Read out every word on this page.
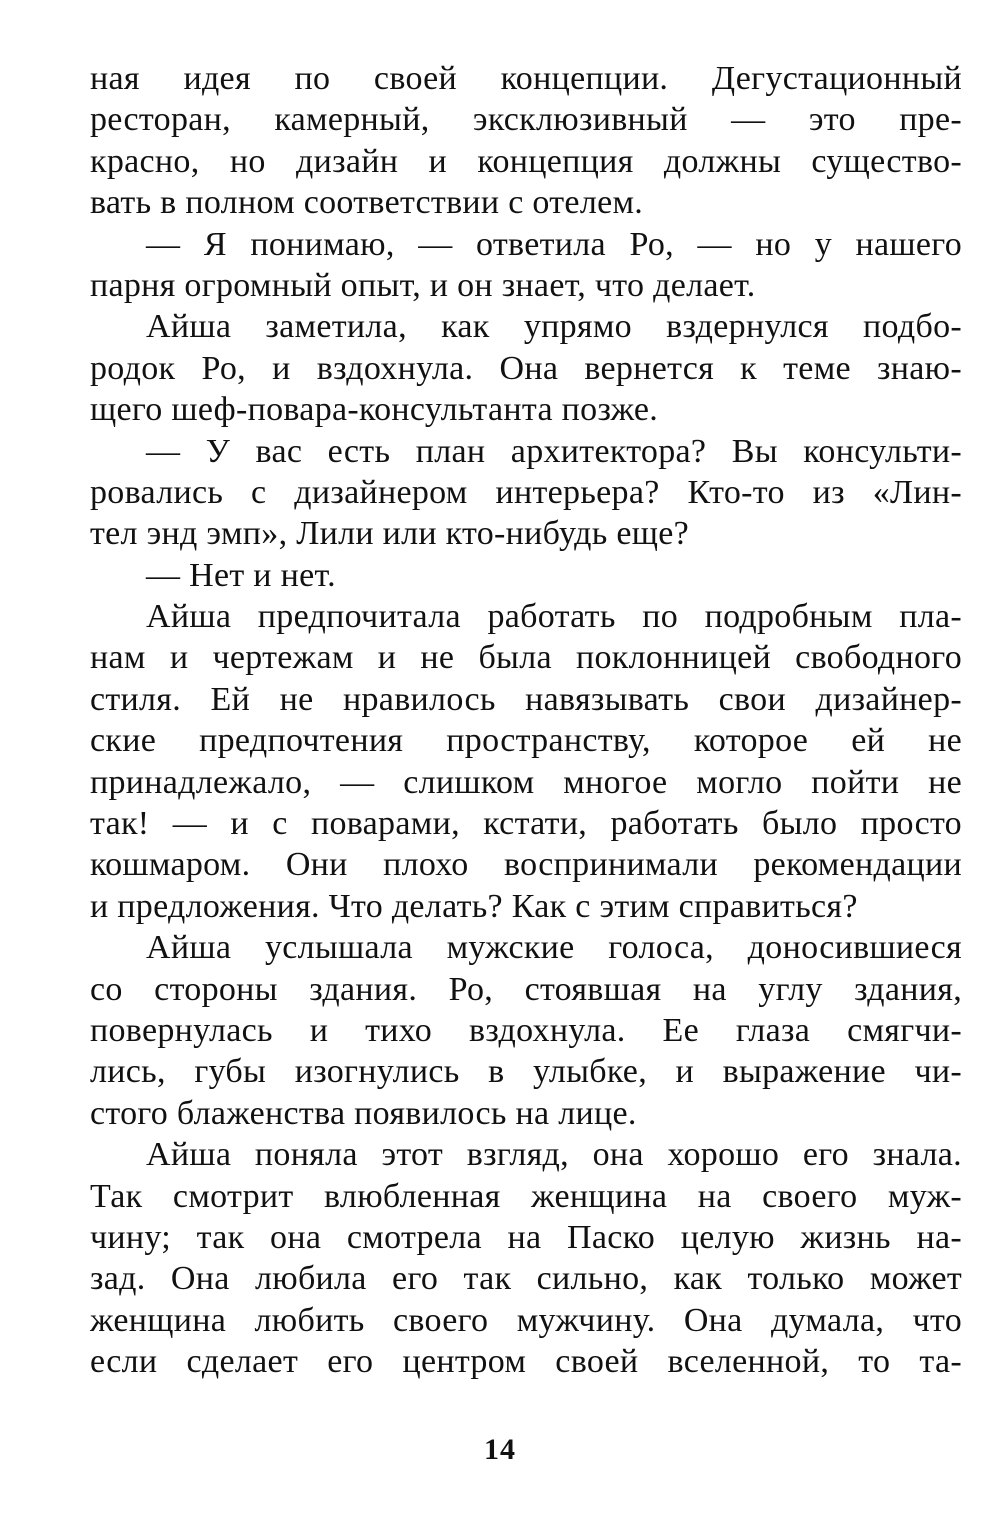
ная идея по своей концепции. Дегустационный
ресторан, камерный, эксклюзивный — это пре-
красно, но дизайн и концепция должны существо-
вать в полном соответствии с отелем.
— Я понимаю, — ответила Ро, — но у нашего
парня огромный опыт, и он знает, что делает.
Айша заметила, как упрямо вздернулся подбо-
родок Ро, и вздохнула. Она вернется к теме знаю-
щего шеф-повара-консультанта позже.
— У вас есть план архитектора? Вы консульти-
ровались с дизайнером интерьера? Кто-то из «Лин-
тел энд эмп», Лили или кто-нибудь еще?
— Нет и нет.
Айша предпочитала работать по подробным пла-
нам и чертежам и не была поклонницей свободного
стиля. Ей не нравилось навязывать свои дизайнер-
ские предпочтения пространству, которое ей не
принадлежало, — слишком многое могло пойти не
так! — и с поварами, кстати, работать было просто
кошмаром. Они плохо воспринимали рекомендации
и предложения. Что делать? Как с этим справиться?
Айша услышала мужские голоса, доносившиеся
со стороны здания. Ро, стоявшая на углу здания,
повернулась и тихо вздохнула. Ее глаза смягчи-
лись, губы изогнулись в улыбке, и выражение чи-
стого блаженства появилось на лице.
Айша поняла этот взгляд, она хорошо его знала.
Так смотрит влюбленная женщина на своего муж-
чину; так она смотрела на Паско целую жизнь на-
зад. Она любила его так сильно, как только может
женщина любить своего мужчину. Она думала, что
если сделает его центром своей вселенной, то та-
14
